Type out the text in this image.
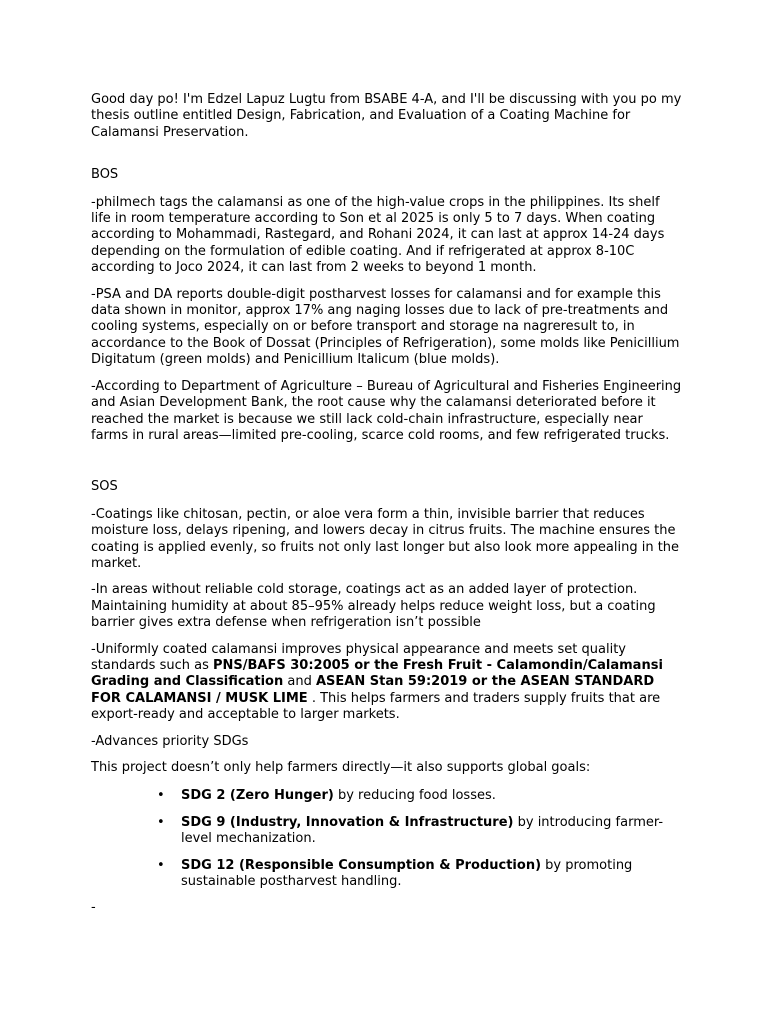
Good day po! I'm Edzel Lapuz Lugtu from BSABE 4-A, and I'll be discussing with you po my thesis outline entitled Design, Fabrication, and Evaluation of a Coating Machine for Calamansi Preservation.

BOS

-philmech tags the calamansi as one of the high-value crops in the philippines. Its shelf life in room temperature according to Son et al 2025 is only 5 to 7 days. When coating according to Mohammadi, Rastegard, and Rohani 2024, it can last at approx 14-24 days depending on the formulation of edible coating. And if refrigerated at approx 8-10C according to Joco 2024, it can last from 2 weeks to beyond 1 month.

-PSA and DA reports double-digit postharvest losses for calamansi and for example this data shown in monitor, approx 17% ang naging losses due to lack of pre-treatments and cooling systems, especially on or before transport and storage na nagreresult to, in accordance to the Book of Dossat (Principles of Refrigeration), some molds like Penicillium Digitatum (green molds) and Penicillium Italicum (blue molds).

-According to Department of Agriculture – Bureau of Agricultural and Fisheries Engineering and Asian Development Bank, the root cause why the calamansi deteriorated before it reached the market is because we still lack cold-chain infrastructure, especially near farms in rural areas—limited pre-cooling, scarce cold rooms, and few refrigerated trucks.

SOS

-Coatings like chitosan, pectin, or aloe vera form a thin, invisible barrier that reduces moisture loss, delays ripening, and lowers decay in citrus fruits. The machine ensures the coating is applied evenly, so fruits not only last longer but also look more appealing in the market.

-In areas without reliable cold storage, coatings act as an added layer of protection. Maintaining humidity at about 85–95% already helps reduce weight loss, but a coating barrier gives extra defense when refrigeration isn’t possible

-Uniformly coated calamansi improves physical appearance and meets set quality standards such as PNS/BAFS 30:2005 or the Fresh Fruit - Calamondin/Calamansi Grading and Classification and ASEAN Stan 59:2019 or the ASEAN STANDARD FOR CALAMANSI / MUSK LIME . This helps farmers and traders supply fruits that are export-ready and acceptable to larger markets.

-Advances priority SDGs

This project doesn’t only help farmers directly—it also supports global goals:

• SDG 2 (Zero Hunger) by reducing food losses.
• SDG 9 (Industry, Innovation & Infrastructure) by introducing farmer-level mechanization.
• SDG 12 (Responsible Consumption & Production) by promoting sustainable postharvest handling.

-
